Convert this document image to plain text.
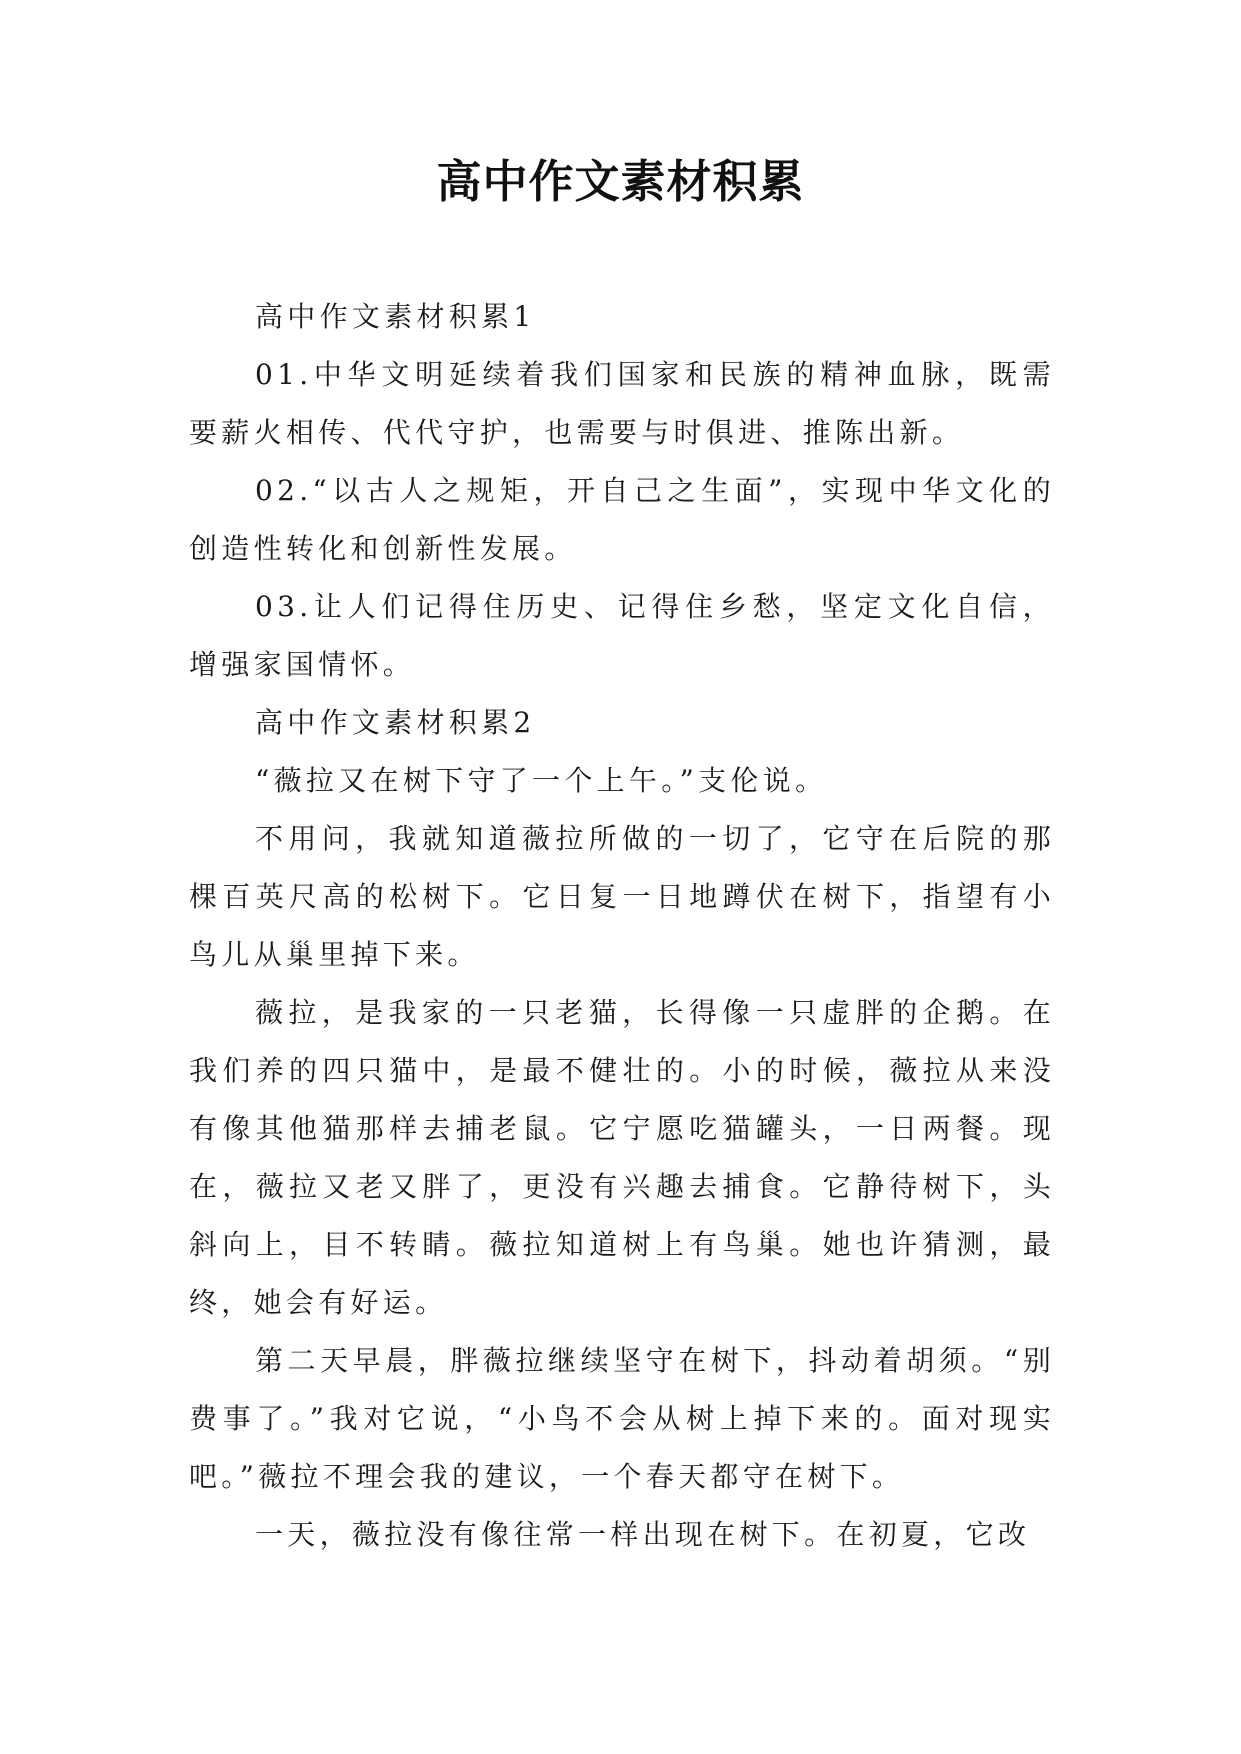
高中作文素材积累

高中作文素材积累1

01.中华文明延续着我们国家和民族的精神血脉，既需要薪火相传、代代守护，也需要与时俱进、推陈出新。

02.“以古人之规矩，开自己之生面”，实现中华文化的创造性转化和创新性发展。

03.让人们记得住历史、记得住乡愁，坚定文化自信，增强家国情怀。

高中作文素材积累2

“薇拉又在树下守了一个上午。”支伦说。

不用问，我就知道薇拉所做的一切了，它守在后院的那棵百英尺高的松树下。它日复一日地蹲伏在树下，指望有小鸟儿从巢里掉下来。

薇拉，是我家的一只老猫，长得像一只虚胖的企鹅。在我们养的四只猫中，是最不健壮的。小的时候，薇拉从来没有像其他猫那样去捕老鼠。它宁愿吃猫罐头，一日两餐。现在，薇拉又老又胖了，更没有兴趣去捕食。它静待树下，头斜向上，目不转睛。薇拉知道树上有鸟巢。她也许猜测，最终，她会有好运。

第二天早晨，胖薇拉继续坚守在树下，抖动着胡须。“别费事了。”我对它说，“小鸟不会从树上掉下来的。面对现实吧。”薇拉不理会我的建议，一个春天都守在树下。

一天，薇拉没有像往常一样出现在树下。在初夏，它改
